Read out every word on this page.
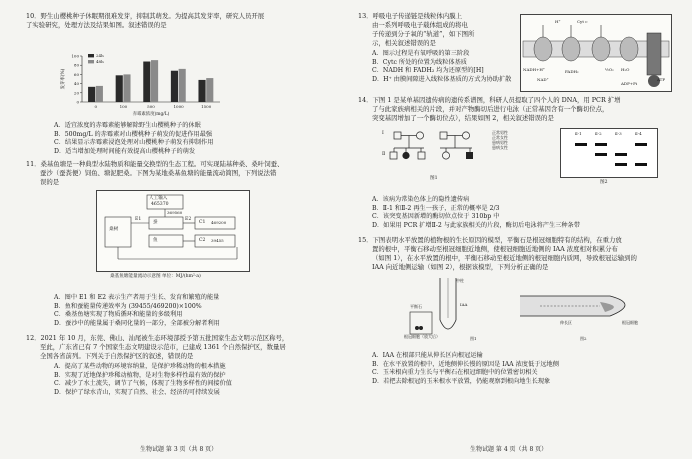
10．野生山樱桃种子休眠期很难发芽，抑制其萌发。为提高其发芽率，研究人员开展

了实验研究，处理方法及结果如图。叙述错误的是

0
20
40
60
80
100
0	100	500	1000	1500
赤霉素浓度(mg/L)
发芽率(%)
24h
48h

A．适宜浓度的赤霉素能够解除野生山樱桃种子的休眠

B．500mg/L 的赤霉素对山樱桃种子萌发的促进作用最强

C．结果显示赤霉素浸泡处理对山樱桃种子萌发有抑制作用

D．适当增加处理时间能有效提高山樱桃种子的萌发

11．桑基鱼塘是一种典型水陆物质和能量交换型的生态工程。可实现陆基种桑、桑叶饲蚕、

蚕沙（蚕粪便）饲鱼、塘泥肥桑。下图为某地桑基鱼塘的能量流动简图，下列说法错

误的是

人工输入
465370
桑树
蚕
鱼
E1	E2
C1
C2
369560
469200
39455
桑基鱼塘能量流动示意图 单位：MJ/(hm²·a)

A．图中 E1 和 E2 表示生产者用于生长、发育和繁殖的能量

B．鱼和蚕能量传递效率为 (39455/469200)×100%

C．桑基鱼塘实现了物质循环和能量的多级利用

D．蚕沙中的能量属于桑同化量的一部分，全部被分解者利用

12．2021 年 10 月，东莞、佛山、汕尾被生态环境部授予第五批国家生态文明示范区称号，

至此，广东省已有 7 个国家生态文明建设示范市，已建成 1361 个自然保护区，数量居

全国各省前列。下列关于自然保护区的叙述，错误的是

A．提高了某些动物的环境容纳量，是保护珍稀动物的根本措施

B．实现了近地保护珍稀动植物，是对生物多样性最有效的保护

C．减少了水土流失，调节了气候，体现了生物多样性的间接价值

D．保护了绿水青山，实现了自然、社会、经济的可持续发展

生物试题 第 3 页（共 8 页）

13．呼吸电子传递链是线粒体内膜上

由一系列呼吸电子载体组成的将电

子传递到分子氧的“轨道”，如下图所

示，相关叙述错误的是

Cyt c
NADH+H⁺
NAD⁺
FADH₂	½O₂ H₂O
ADP+Pi
ATP
H⁺

A．图示过程是有氧呼吸的第三阶段

B．Cytc 所处的位置为线粒体基质

C．NADH 和 FADH₂ 均为还原型的[H]

D．H⁺ 由膜间隙进入线粒体基质的方式为协助扩散

14．下图 1 是某单基因遗传病的遗传系谱图，科研人员提取了四个人的 DNA，用 PCR 扩增

了与此家族病相关的片段，并对产物酶切后进行电泳（正常基因含有一个酶切位点，

突变基因增加了一个酶切位点），结果如图 2，相关叙述错误的是

Ⅰ
Ⅱ
图1
正常男性
正常女性
患病男性
患病女性
Ⅱ-1	Ⅱ-2	Ⅱ-3	Ⅱ-4
图2

A．该病为常染色体上的隐性遗传病

B．Ⅱ-1 和Ⅱ-2 再生一孩子，正常的概率是 2/3

C．该突变基因新增的酶切位点位于 310bp 中

D．如果用 PCR 扩增Ⅱ-2 与此家族相关的片段，酶切后电泳将产生三种条带

15．下图表明水平放置的植物根的生长原因的模型，平衡石是根冠细胞特有的结构，在重力放

置的根中，平衡石移动至根冠细胞近地侧，使根冠细胞近地侧的 IAA 浓度相对积累分布

（如图 1），在水平放置的根中，平衡石移动至根近地侧的根冠细胞内质网，导致根冠运输到的

IAA 向近地侧运输（如图 2），根据该模型，下列分析正确的是

中柱
平衡石
根冠细胞（放大后）
IAA
根冠细胞
伸长区
图1	图2

A．IAA 在根部只能从伸长区向根冠运输

B．在水平放置的根中，近地侧伸长慢的原因是 IAA 浓度低于远地侧

C．玉米根向重力生长与平衡石在根冠细胞中的位置密切相关

D．若把去除根冠的玉米根水平放置，仍能观察到根向地生长现象

生物试题 第 4 页（共 8 页）
